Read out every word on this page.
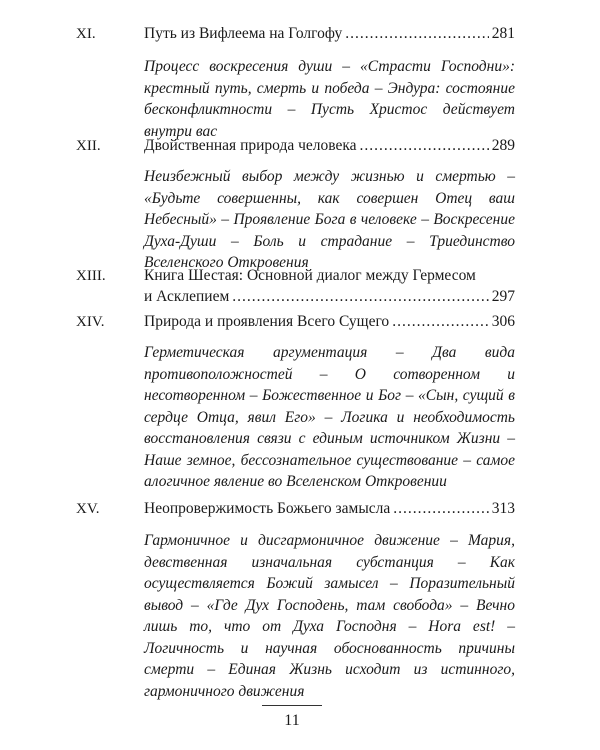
XI.	Путь из Вифлеема на Голгофу .....	281
Процесс воскресения души – «Страсти Господни»: крестный путь, смерть и победа – Эндура: состояние бесконфликтности – Пусть Христос действует внутри вас
XII.	Двойственная природа человека .....	289
Неизбежный выбор между жизнью и смертью – «Будьте совершенны, как совершен Отец ваш Небесный» – Проявление Бога в человеке – Воскресение Духа-Души – Боль и страдание – Триединство Вселенского Откровения
XIII. Книга Шестая: Основной диалог между Гермесом
и Асклепием .....	297
XIV.	Природа и проявления Всего Сущего .....	306
Герметическая аргументация – Два вида противоположностей – О сотворенном и несотворенном – Божественное и Бог – «Сын, сущий в сердце Отца, явил Его» – Логика и необходимость восстановления связи с единым источником Жизни – Наше земное, бессознательное существование – самое алогичное явление во Вселенском Откровении
XV.	Неопровержимость Божьего замысла .....	313
Гармоничное и дисгармоничное движение – Мария, девственная изначальная субстанция – Как осуществляется Божий замысел – Поразительный вывод – «Где Дух Господень, там свобода» – Вечно лишь то, что от Духа Господня – Hora est! – Логичность и научная обоснованность причины смерти – Единая Жизнь исходит из истинного, гармоничного движения
11
